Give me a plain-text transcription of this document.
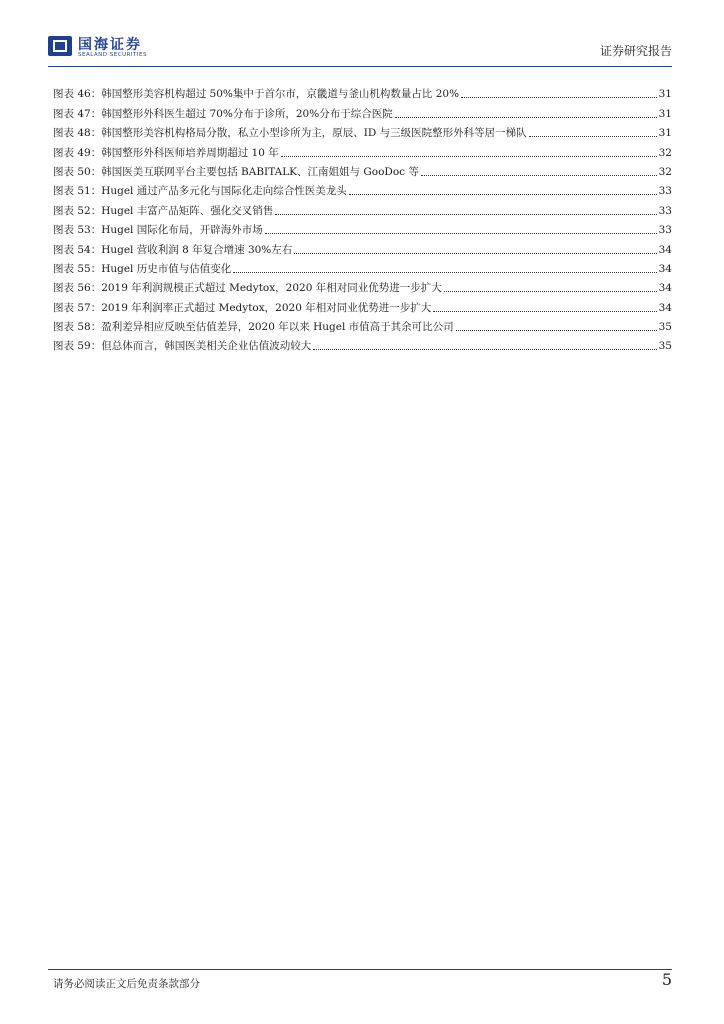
国海证券
SEALAND SECURITIES	证券研究报告
图表 46：韩国整形美容机构超过 50%集中于首尔市，京畿道与釜山机构数量占比 20%	31
图表 47：韩国整形外科医生超过 70%分布于诊所，20%分布于综合医院	31
图表 48：韩国整形美容机构格局分散，私立小型诊所为主，原辰、ID 与三级医院整形外科等居一梯队	31
图表 49：韩国整形外科医师培养周期超过 10 年	32
图表 50：韩国医美互联网平台主要包括 BABITALK、江南姐姐与 GooDoc 等	32
图表 51：Hugel 通过产品多元化与国际化走向综合性医美龙头	33
图表 52：Hugel 丰富产品矩阵、强化交叉销售	33
图表 53：Hugel 国际化布局，开辟海外市场	33
图表 54：Hugel 营收利润 8 年复合增速 30%左右	34
图表 55：Hugel 历史市值与估值变化	34
图表 56：2019 年利润规模正式超过 Medytox，2020 年相对同业优势进一步扩大	34
图表 57：2019 年利润率正式超过 Medytox，2020 年相对同业优势进一步扩大	34
图表 58：盈利差异相应反映至估值差异，2020 年以来 Hugel 市值高于其余可比公司	35
图表 59：但总体而言，韩国医美相关企业估值波动较大	35
请务必阅读正文后免责条款部分	5
